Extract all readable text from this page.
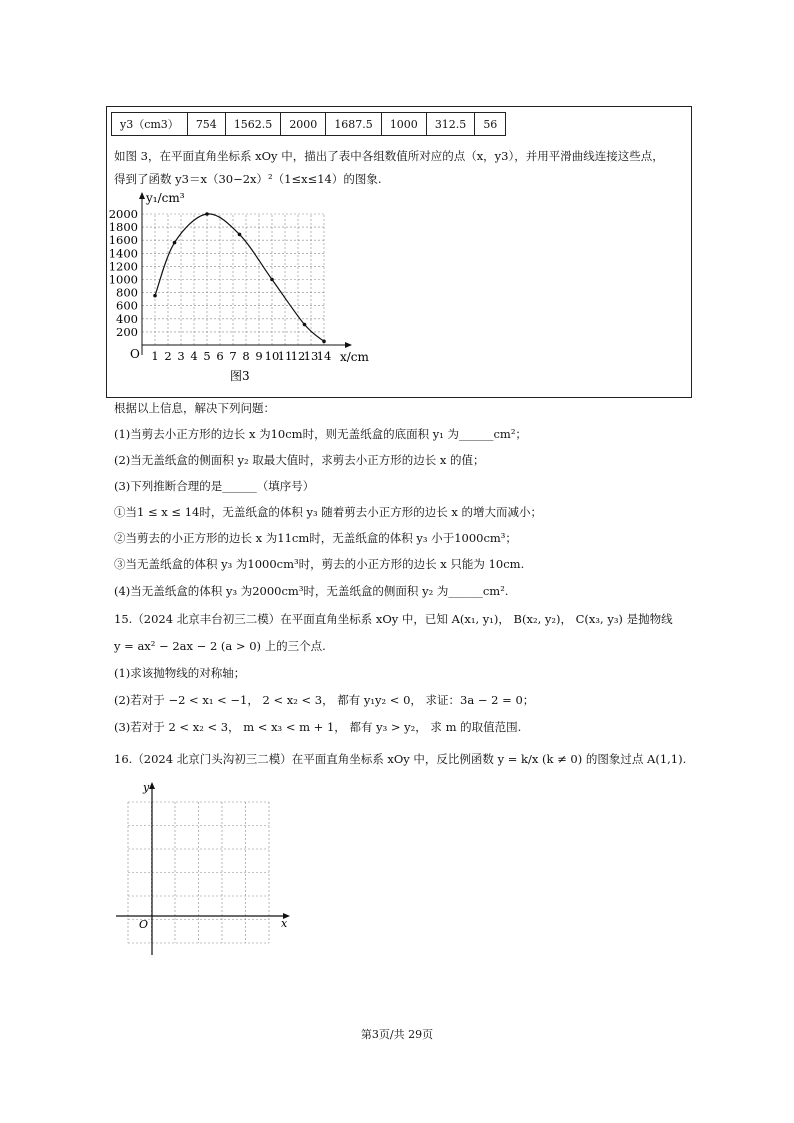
y3（cm3）	754	1562.5	2000	1687.5	1000	312.5	56
如图 3，在平面直角坐标系 xOy 中，描出了表中各组数值所对应的点（x，y3），并用平滑曲线连接这些点，
得到了函数 y3＝x（30−2x）²（1≤x≤14）的图象.
200
400
600
800
1000
1200
1400
1600
1800
2000
1 2 3 4 5 6 7 8 9 10
11
12
13
14
y₁/cm³
x/cm
O
图3
根据以上信息，解决下列问题：
(1)当剪去小正方形的边长 x 为10cm时，则无盖纸盒的底面积 y₁ 为______cm²；
(2)当无盖纸盒的侧面积 y₂ 取最大值时，求剪去小正方形的边长 x 的值；
(3)下列推断合理的是______（填序号）
①当1 ≤ x ≤ 14时，无盖纸盒的体积 y₃ 随着剪去小正方形的边长 x 的增大而减小；
②当剪去的小正方形的边长 x 为11cm时，无盖纸盒的体积 y₃ 小于1000cm³；
③当无盖纸盒的体积 y₃ 为1000cm³时，剪去的小正方形的边长 x 只能为 10cm.
(4)当无盖纸盒的体积 y₃ 为2000cm³时，无盖纸盒的侧面积 y₂ 为______cm².
15.（2024 北京丰台初三二模）在平面直角坐标系 xOy 中，已知 A(x₁, y₁)， B(x₂, y₂)， C(x₃, y₃) 是抛物线
y = ax² − 2ax − 2 (a > 0) 上的三个点.
(1)求该抛物线的对称轴；
(2)若对于 −2 < x₁ < −1， 2 < x₂ < 3， 都有 y₁y₂ < 0， 求证：3a − 2 = 0；
(3)若对于 2 < x₂ < 3， m < x₃ < m + 1， 都有 y₃ > y₂， 求 m 的取值范围.
16.（2024 北京门头沟初三二模）在平面直角坐标系 xOy 中，反比例函数 y = k/x (k ≠ 0) 的图象过点 A(1,1).
y
x
O
第3页/共 29页
